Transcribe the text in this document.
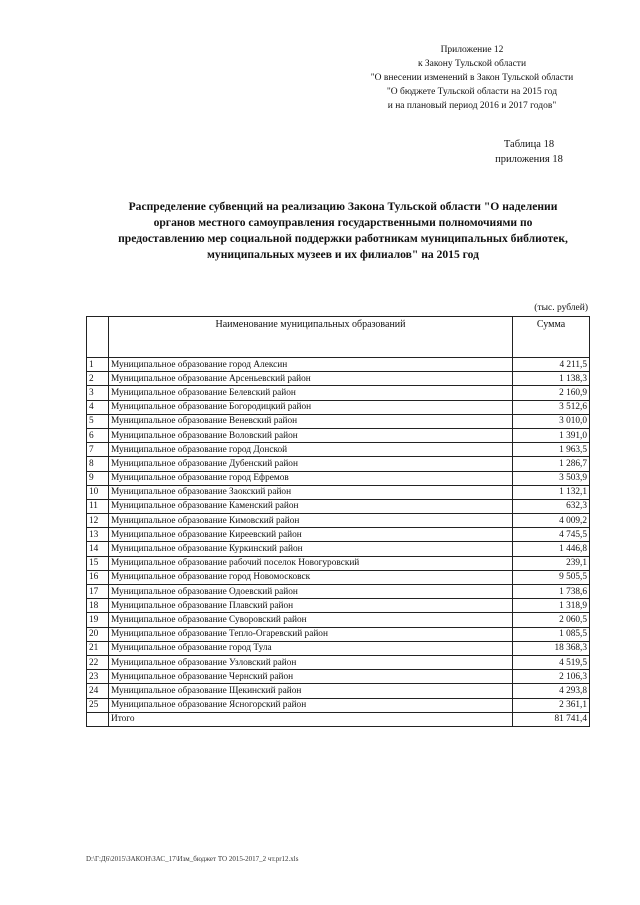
Приложение 12
к Закону Тульской области
"О внесении изменений в Закон Тульской области
"О бюджете Тульской области на 2015 год
и на плановый период 2016 и 2017 годов"
Таблица 18
приложения 18
Распределение субвенций на реализацию Закона Тульской области "О наделении
органов местного самоуправления государственными полномочиями по
предоставлению мер социальной поддержки работникам муниципальных библиотек,
муниципальных музеев и их филиалов" на 2015 год
(тыс. рублей)
	Наименование муниципальных образований	Сумма
1	Муниципальное образование город Алексин	4 211,5
2	Муниципальное образование Арсеньевский район	1 138,3
3	Муниципальное образование Белевский район	2 160,9
4	Муниципальное образование Богородицкий район	3 512,6
5	Муниципальное образование Веневский район	3 010,0
6	Муниципальное образование Воловский район	1 391,0
7	Муниципальное образование город Донской	1 963,5
8	Муниципальное образование Дубенский район	1 286,7
9	Муниципальное образование город Ефремов	3 503,9
10	Муниципальное образование Заокский район	1 132,1
11	Муниципальное образование Каменский район	632,3
12	Муниципальное образование Кимовский район	4 009,2
13	Муниципальное образование Киреевский район	4 745,5
14	Муниципальное образование Куркинский район	1 446,8
15	Муниципальное образование рабочий поселок Новогуровский	239,1
16	Муниципальное образование город Новомосковск	9 505,5
17	Муниципальное образование Одоевский район	1 738,6
18	Муниципальное образование Плавский район	1 318,9
19	Муниципальное образование Суворовский район	2 060,5
20	Муниципальное образование Тепло-Огаревский район	1 085,5
21	Муниципальное образование город Тула	18 368,3
22	Муниципальное образование Узловский район	4 519,5
23	Муниципальное образование Чернский район	2 106,3
24	Муниципальное образование Щекинский район	4 293,8
25	Муниципальное образование Ясногорский район	2 361,1
	Итого	81 741,4
D:\Г:Д6\2015\ЗАКОН\ЗАС_17\Изм_бюджет ТО 2015-2017_2 чт.pr12.xls
